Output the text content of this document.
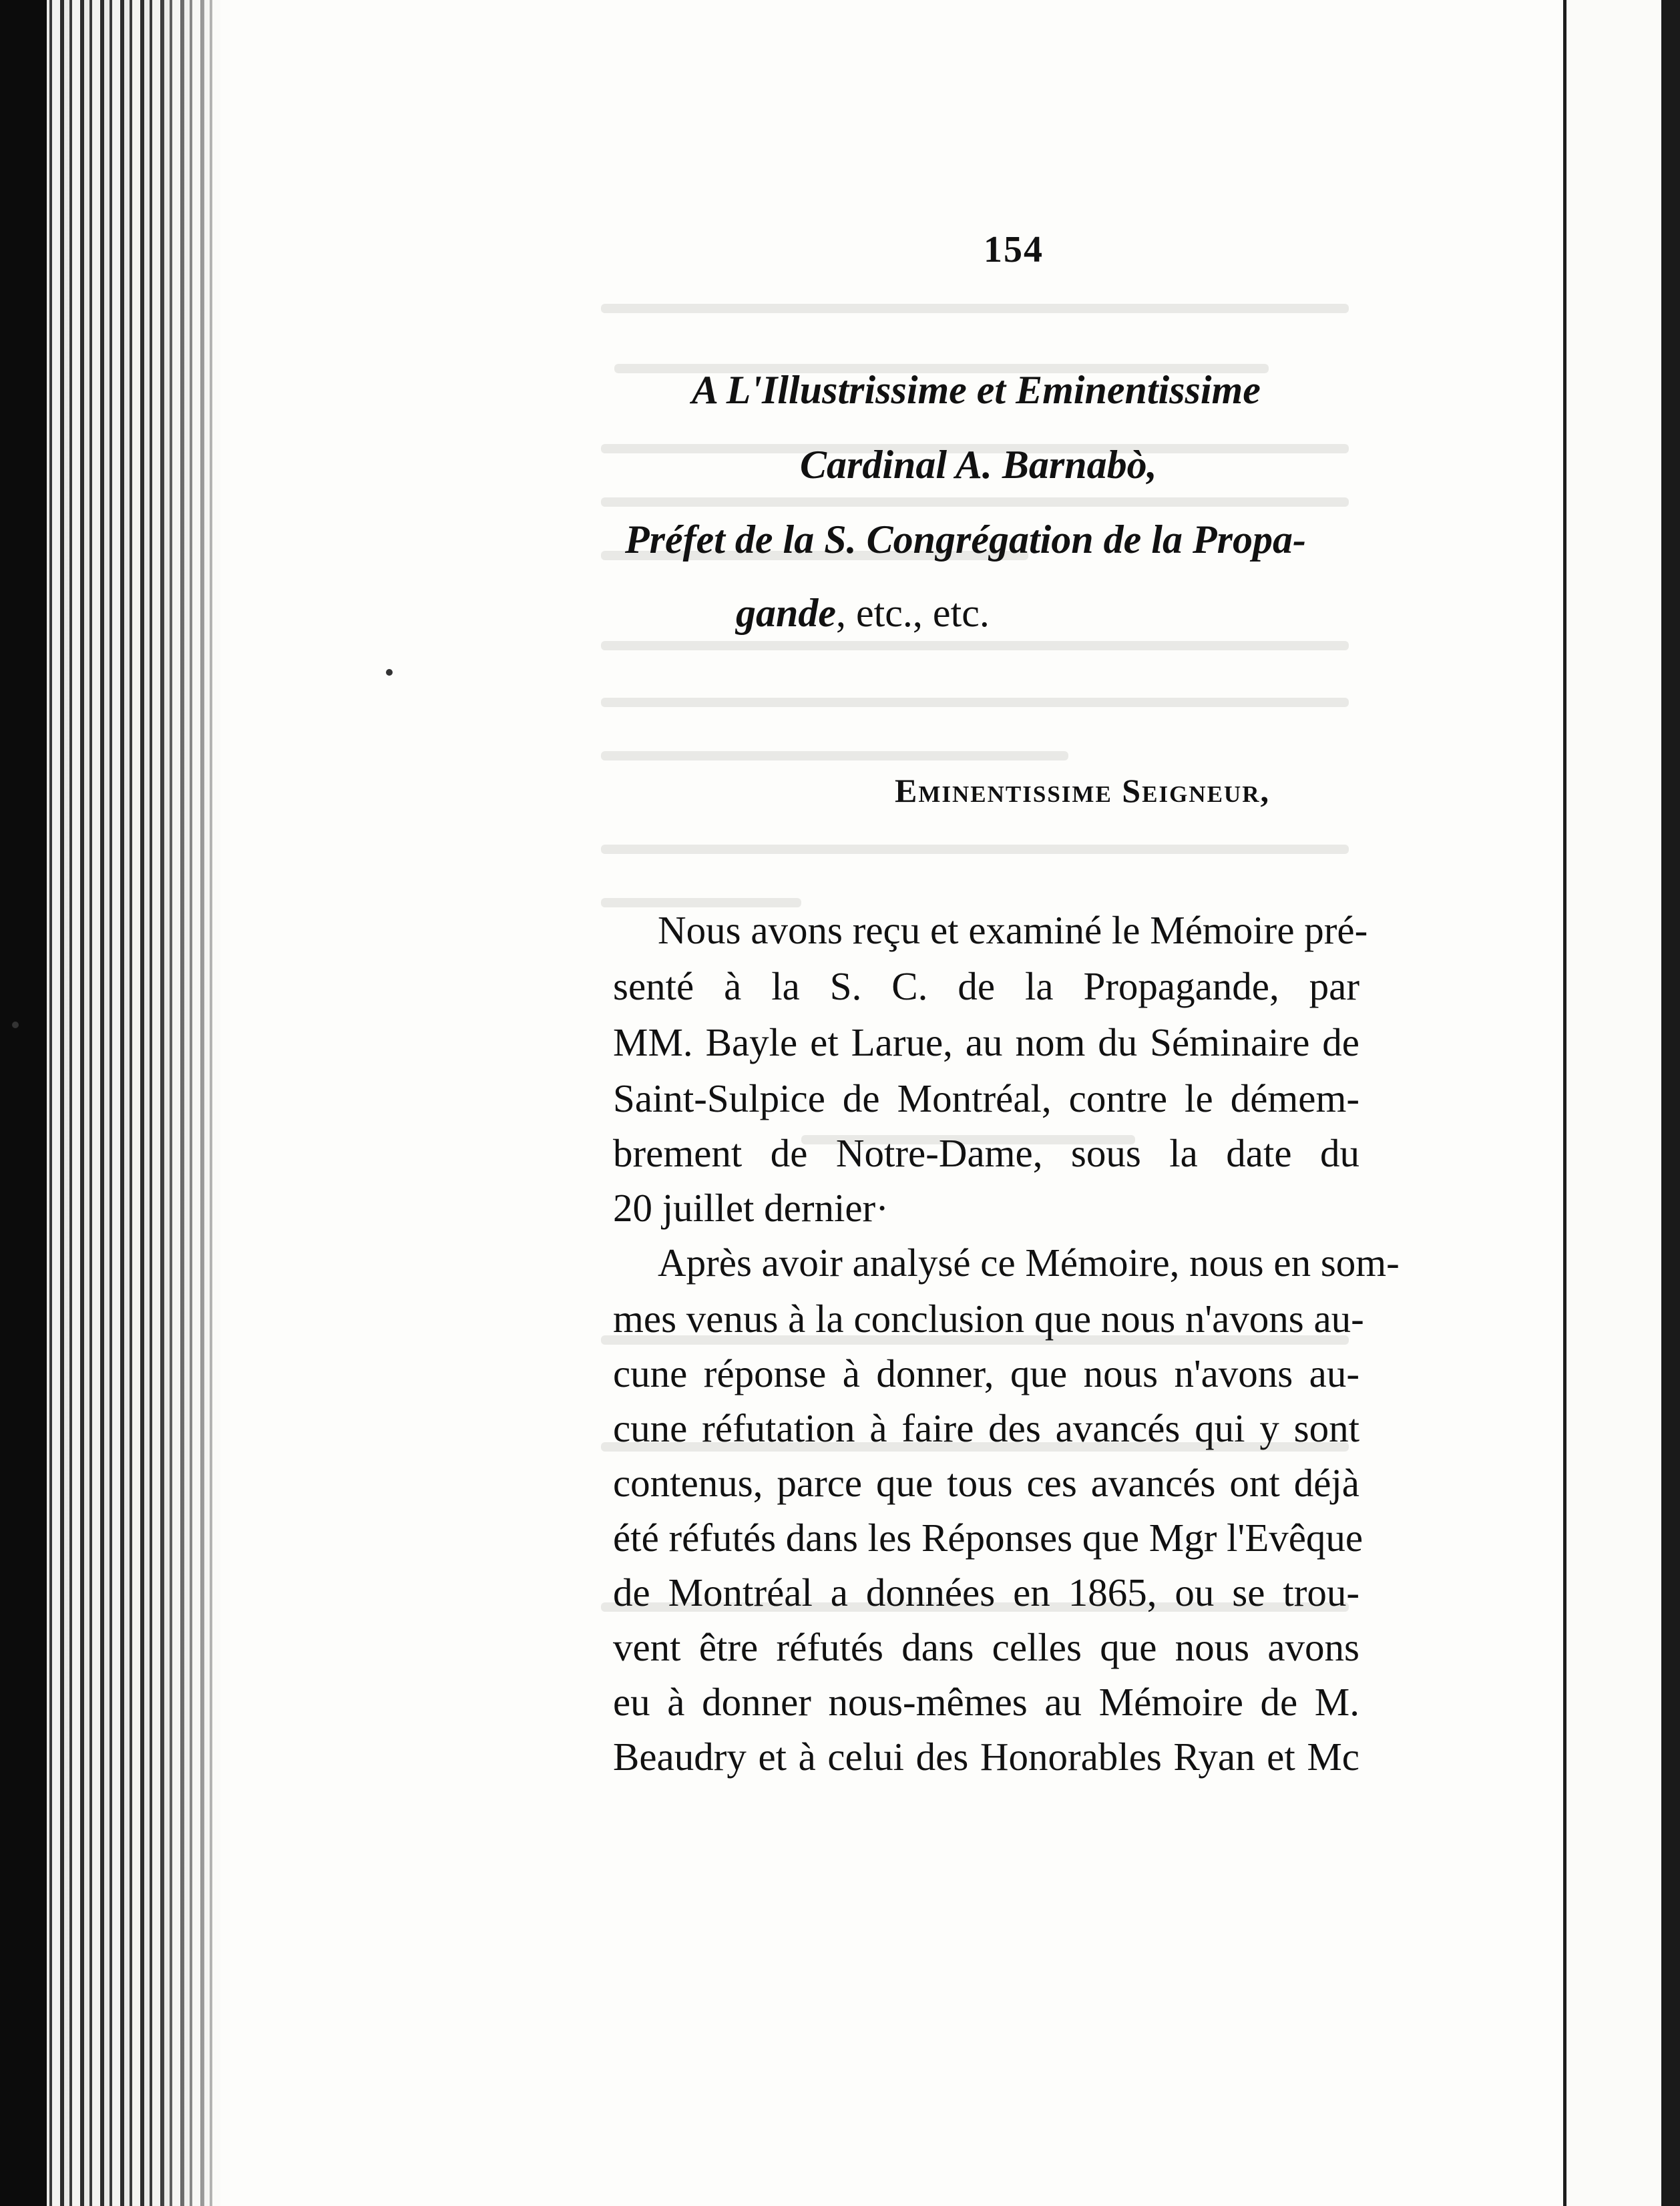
154
A L'Illustrissime et Eminentissime
Cardinal A. Barnabò,
Préfet de la S. Congrégation de la Propa-
gande, etc., etc.
Eminentissime Seigneur,
Nous avons reçu et examiné le Mémoire pré-
senté à la S. C. de la Propagande, par
MM. Bayle et Larue, au nom du Séminaire de
Saint-Sulpice de Montréal, contre le démem-
brement de Notre-Dame, sous la date du
20 juillet dernier·
Après avoir analysé ce Mémoire, nous en som-
mes venus à la conclusion que nous n'avons au-
cune réponse à donner, que nous n'avons au-
cune réfutation à faire des avancés qui y sont
contenus, parce que tous ces avancés ont déjà
été réfutés dans les Réponses que Mgr l'Evêque
de Montréal a données en 1865, ou se trou-
vent être réfutés dans celles que nous avons
eu à donner nous-mêmes au Mémoire de M.
Beaudry et à celui des Honorables Ryan et Mc
